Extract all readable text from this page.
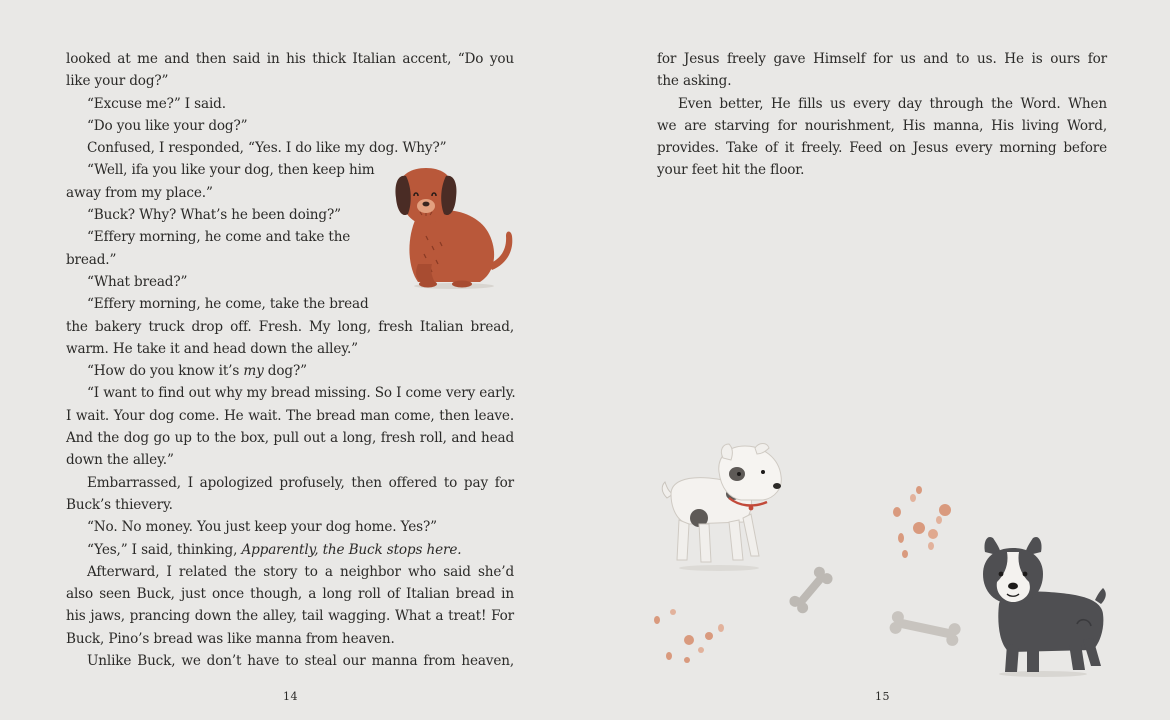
looked at me and then said in his thick Italian accent, “Do you
like your dog?”
“Excuse me?” I said.
“Do you like your dog?”
Confused, I responded, “Yes. I do like my dog. Why?”
“Well, ifa you like your dog, then keep him
away from my place.”
“Buck? Why? What’s he been doing?”
“Effery morning, he come and take the
bread.”
“What bread?”
“Effery morning, he come, take the bread
the bakery truck drop off. Fresh. My long, fresh Italian bread,
warm. He take it and head down the alley.”
“How do you know it’s my dog?”
“I want to find out why my bread missing. So I come very early.
I wait. Your dog come. He wait. The bread man come, then leave.
And the dog go up to the box, pull out a long, fresh roll, and head
down the alley.”
Embarrassed, I apologized profusely, then offered to pay for
Buck’s thievery.
“No. No money. You just keep your dog home. Yes?”
“Yes,” I said, thinking, Apparently, the Buck stops here.
Afterward, I related the story to a neighbor who said she’d
also seen Buck, just once though, a long roll of Italian bread in
his jaws, prancing down the alley, tail wagging. What a treat! For
Buck, Pino’s bread was like manna from heaven.
Unlike Buck, we don’t have to steal our manna from heaven,
14
for Jesus freely gave Himself for us and to us. He is ours for
the asking.
Even better, He fills us every day through the Word. When
we are starving for nourishment, His manna, His living Word,
provides. Take of it freely. Feed on Jesus every morning before
your feet hit the floor.
15
